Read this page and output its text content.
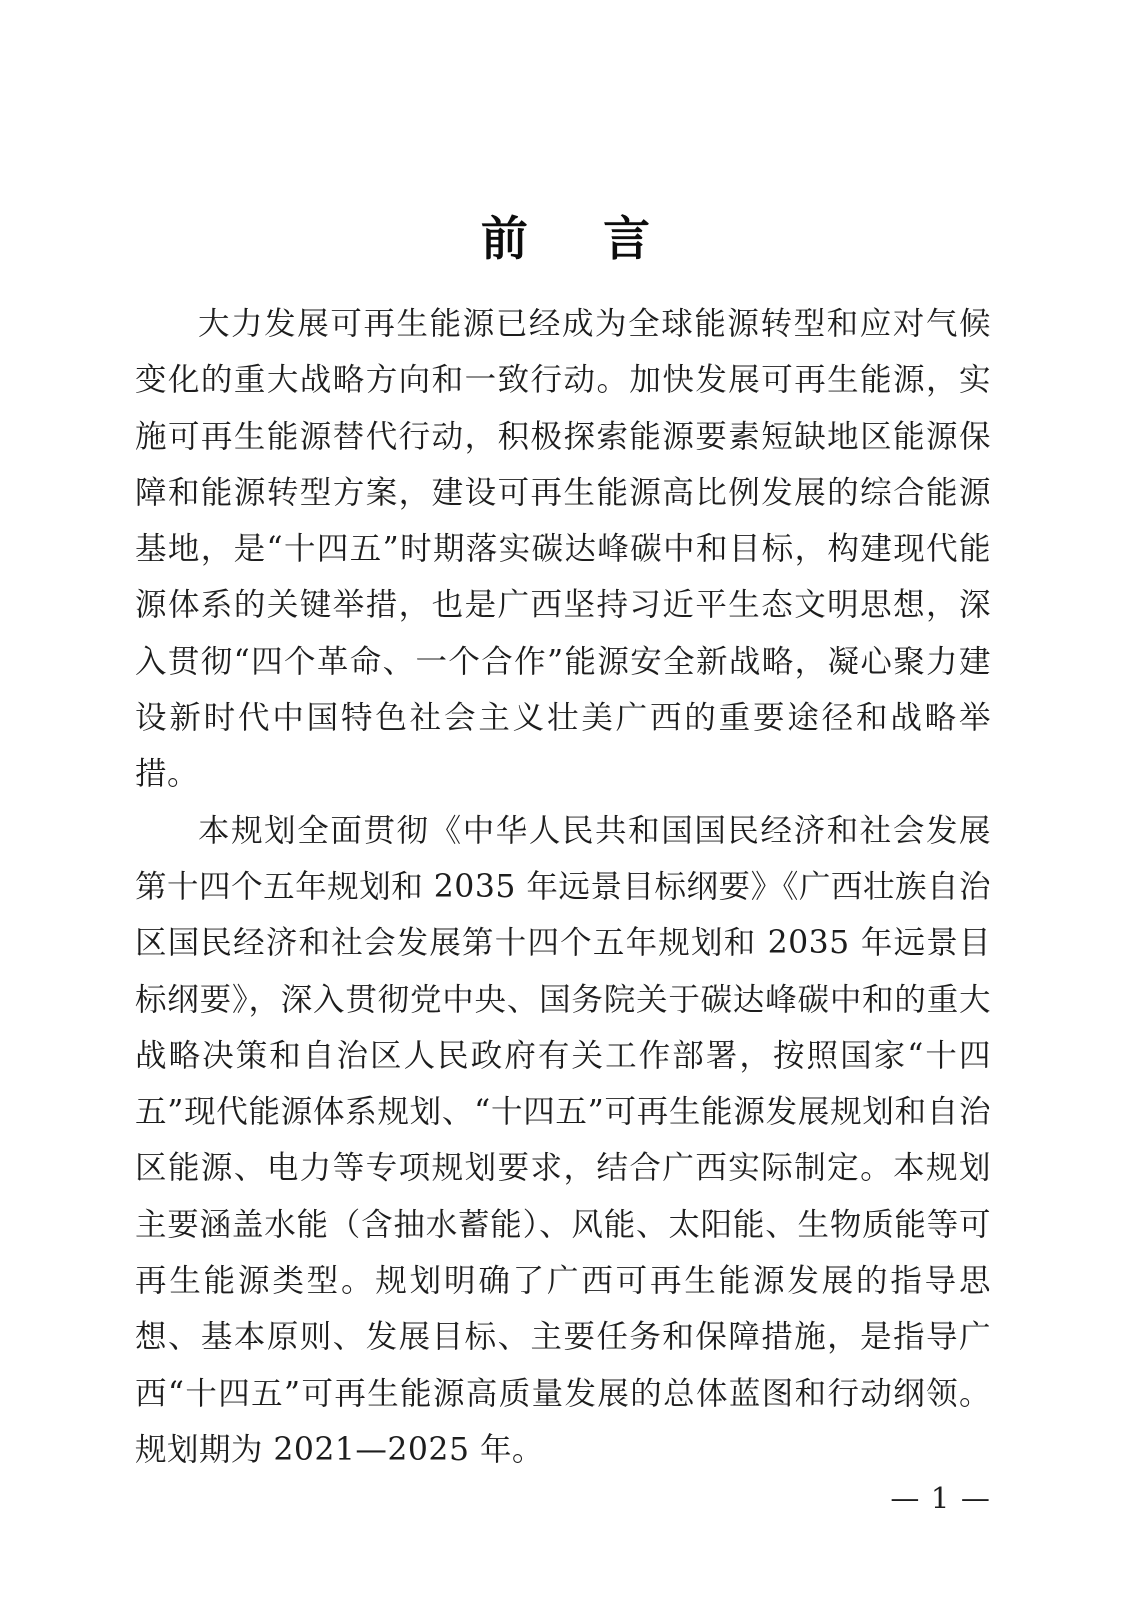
前　言

大力发展可再生能源已经成为全球能源转型和应对气候变化的重大战略方向和一致行动。加快发展可再生能源，实施可再生能源替代行动，积极探索能源要素短缺地区能源保障和能源转型方案，建设可再生能源高比例发展的综合能源基地，是“十四五”时期落实碳达峰碳中和目标，构建现代能源体系的关键举措，也是广西坚持习近平生态文明思想，深入贯彻“四个革命、一个合作”能源安全新战略，凝心聚力建设新时代中国特色社会主义壮美广西的重要途径和战略举措。

本规划全面贯彻《中华人民共和国国民经济和社会发展第十四个五年规划和 2035 年远景目标纲要》《广西壮族自治区国民经济和社会发展第十四个五年规划和 2035 年远景目标纲要》，深入贯彻党中央、国务院关于碳达峰碳中和的重大战略决策和自治区人民政府有关工作部署，按照国家“十四五”现代能源体系规划、“十四五”可再生能源发展规划和自治区能源、电力等专项规划要求，结合广西实际制定。本规划主要涵盖水能（含抽水蓄能）、风能、太阳能、生物质能等可再生能源类型。规划明确了广西可再生能源发展的指导思想、基本原则、发展目标、主要任务和保障措施，是指导广西“十四五”可再生能源高质量发展的总体蓝图和行动纲领。规划期为 2021—2025 年。

— 1 —
